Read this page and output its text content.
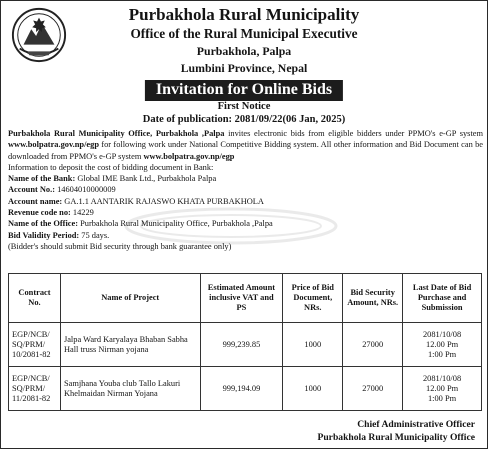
Purbakhola Rural Municipality
Office of the Rural Municipal Executive
Purbakhola, Palpa
Lumbini Province, Nepal
Invitation for Online Bids
First Notice
Date of publication: 2081/09/22(06 Jan, 2025)
Purbakhola Rural Municipality Office, Purbakhola ,Palpa invites electronic bids from eligible bidders under PPMO's e-GP system www.bolpatra.gov.np/egp for following work under National Competitive Bidding system. All other information and Bid Document can be downloaded from PPMO's e-GP system www.bolpatra.gov.np/egp
Information to deposit the cost of bidding document in Bank:
Name of the Bank: Global IME Bank Ltd., Purbakhola Palpa
Account No.: 14604010000009
Account name: GA.1.1 AANTARIK RAJASWO KHATA PURBAKHOLA
Revenue code no: 14229
Name of the Office: Purbakhola Rural Municipality Office, Purbakhola ,Palpa
Bid Validity Period: 75 days.
(Bidder's should submit Bid security through bank guarantee only)
Contract No.	Name of Project	Estimated Amount inclusive VAT and PS	Price of Bid Document, NRs.	Bid Security Amount, NRs.	Last Date of Bid Purchase and Submission
EGP/NCB/ SQ/PRM/ 10/2081-82	Jalpa Ward Karyalaya Bhaban Sabha Hall truss Nirman yojana	999,239.85	1000	27000	2081/10/08
12.00 Pm
1:00 Pm
EGP/NCB/ SQ/PRM/ 11/2081-82	Samjhana Youba club Tallo Lakuri Khelmaidan Nirman Yojana	999,194.09	1000	27000	2081/10/08
12.00 Pm
1:00 Pm
Chief Administrative Officer
Purbakhola Rural Municipality Office
